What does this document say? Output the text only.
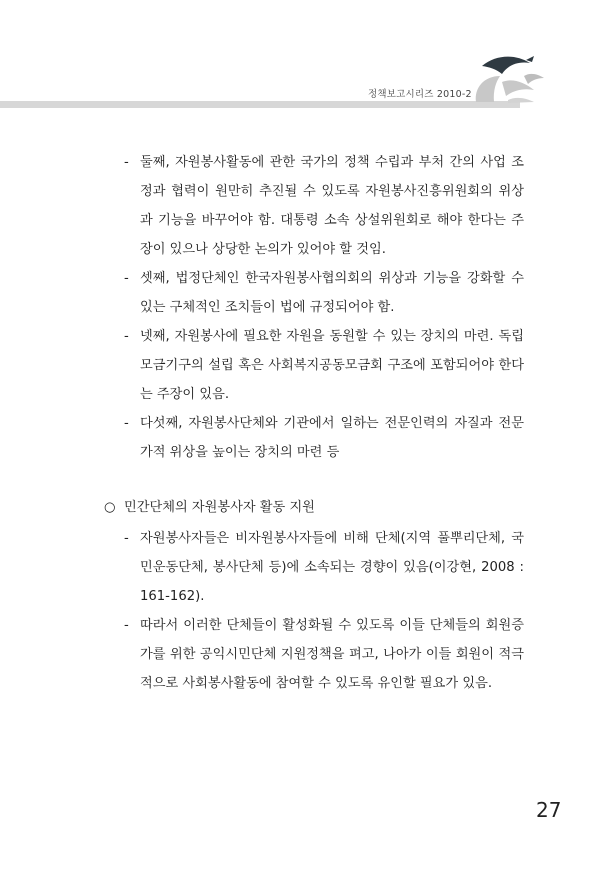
정책보고시리즈 2010-2
- 둘째, 자원봉사활동에 관한 국가의 정책 수립과 부처 간의 사업 조정과 협력이 원만히 추진될 수 있도록 자원봉사진흥위원회의 위상과 기능을 바꾸어야 함. 대통령 소속 상설위원회로 해야 한다는 주장이 있으나 상당한 논의가 있어야 할 것임.
- 셋째, 법정단체인 한국자원봉사협의회의 위상과 기능을 강화할 수 있는 구체적인 조치들이 법에 규정되어야 함.
- 넷째, 자원봉사에 필요한 자원을 동원할 수 있는 장치의 마련. 독립 모금기구의 설립 혹은 사회복지공동모금회 구조에 포함되어야 한다는 주장이 있음.
- 다섯째, 자원봉사단체와 기관에서 일하는 전문인력의 자질과 전문가적 위상을 높이는 장치의 마련 등
○ 민간단체의 자원봉사자 활동 지원
- 자원봉사자들은 비자원봉사자들에 비해 단체(지역 풀뿌리단체, 국민운동단체, 봉사단체 등)에 소속되는 경향이 있음(이강현, 2008 : 161-162).
- 따라서 이러한 단체들이 활성화될 수 있도록 이들 단체들의 회원증가를 위한 공익시민단체 지원정책을 펴고, 나아가 이들 회원이 적극적으로 사회봉사활동에 참여할 수 있도록 유인할 필요가 있음.
27
